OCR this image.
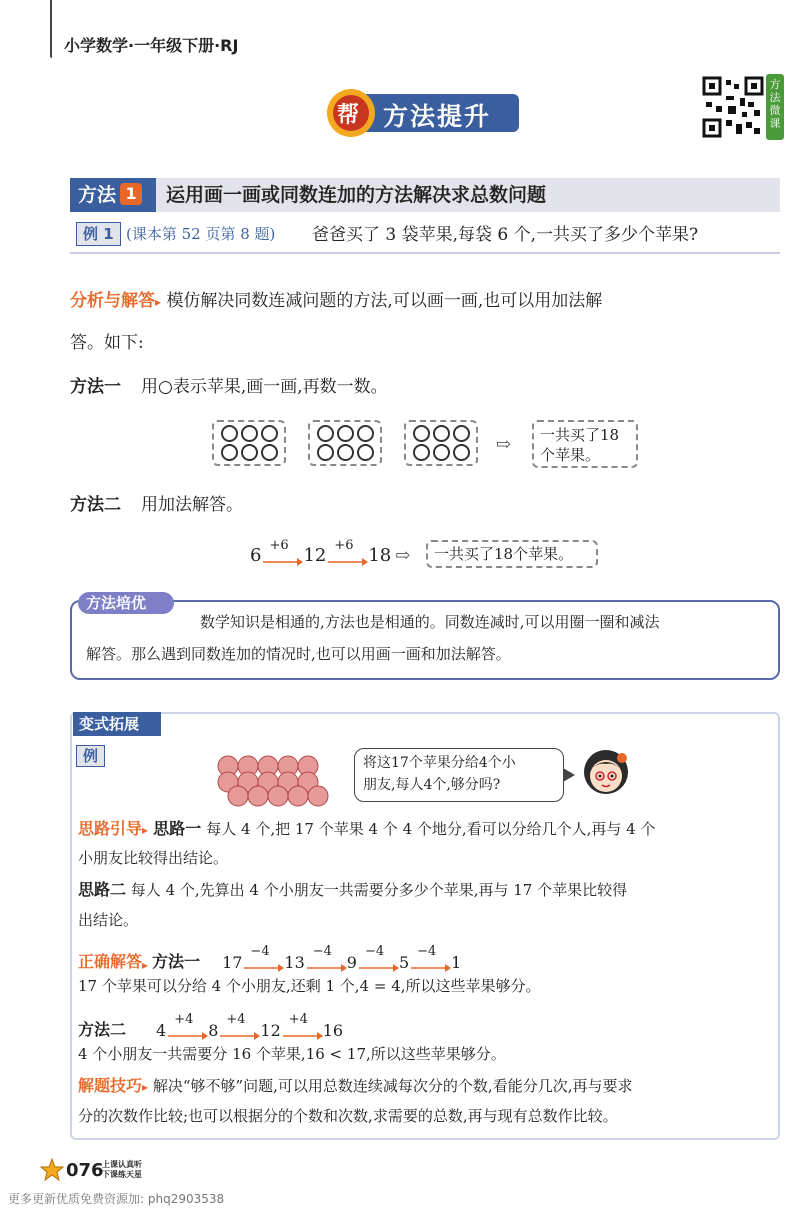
小学数学·一年级下册·RJ
帮 方法提升
方法微课
方法 1	运用画一画或同数连加的方法解决求总数问题
例 1 (课本第 52 页第 8 题) 爸爸买了 3 袋苹果,每袋 6 个,一共买了多少个苹果?
分析与解答▸ 模仿解决同数连减问题的方法,可以画一画,也可以用加法解
答。如下:
方法一 用○表示苹果,画一画,再数一数。
⇨ 一共买了18
个苹果。
方法二 用加法解答。
6 +6 12 +6 18 ⇨	一共买了18个苹果。
方法培优
数学知识是相通的,方法也是相通的。同数连减时,可以用圈一圈和减法
解答。那么遇到同数连加的情况时,也可以用画一画和加法解答。
变式拓展
例	将这17个苹果分给4个小
朋友,每人4个,够分吗?
思路引导▸ 思路一 每人 4 个,把 17 个苹果 4 个 4 个地分,看可以分给几个人,再与 4 个
小朋友比较得出结论。
思路二 每人 4 个,先算出 4 个小朋友一共需要分多少个苹果,再与 17 个苹果比较得
出结论。
正确解答 ▸ 方法一 17
−4
13
−4
9
−4
5
−4
1
17 个苹果可以分给 4 个小朋友,还剩 1 个,4 = 4,所以这些苹果够分。
方法二 4
+4
8
+4
12
+4
16
4 个小朋友一共需要分 16 个苹果,16 < 17,所以这些苹果够分。
解题技巧▸ 解决“够不够”问题,可以用总数连续减每次分的个数,看能分几次,再与要求
分的次数作比较;也可以根据分的个数和次数,求需要的总数,再与现有总数作比较。
076
上课认真听
下课练天星
更多更新优质免费资源加: phq2903538
